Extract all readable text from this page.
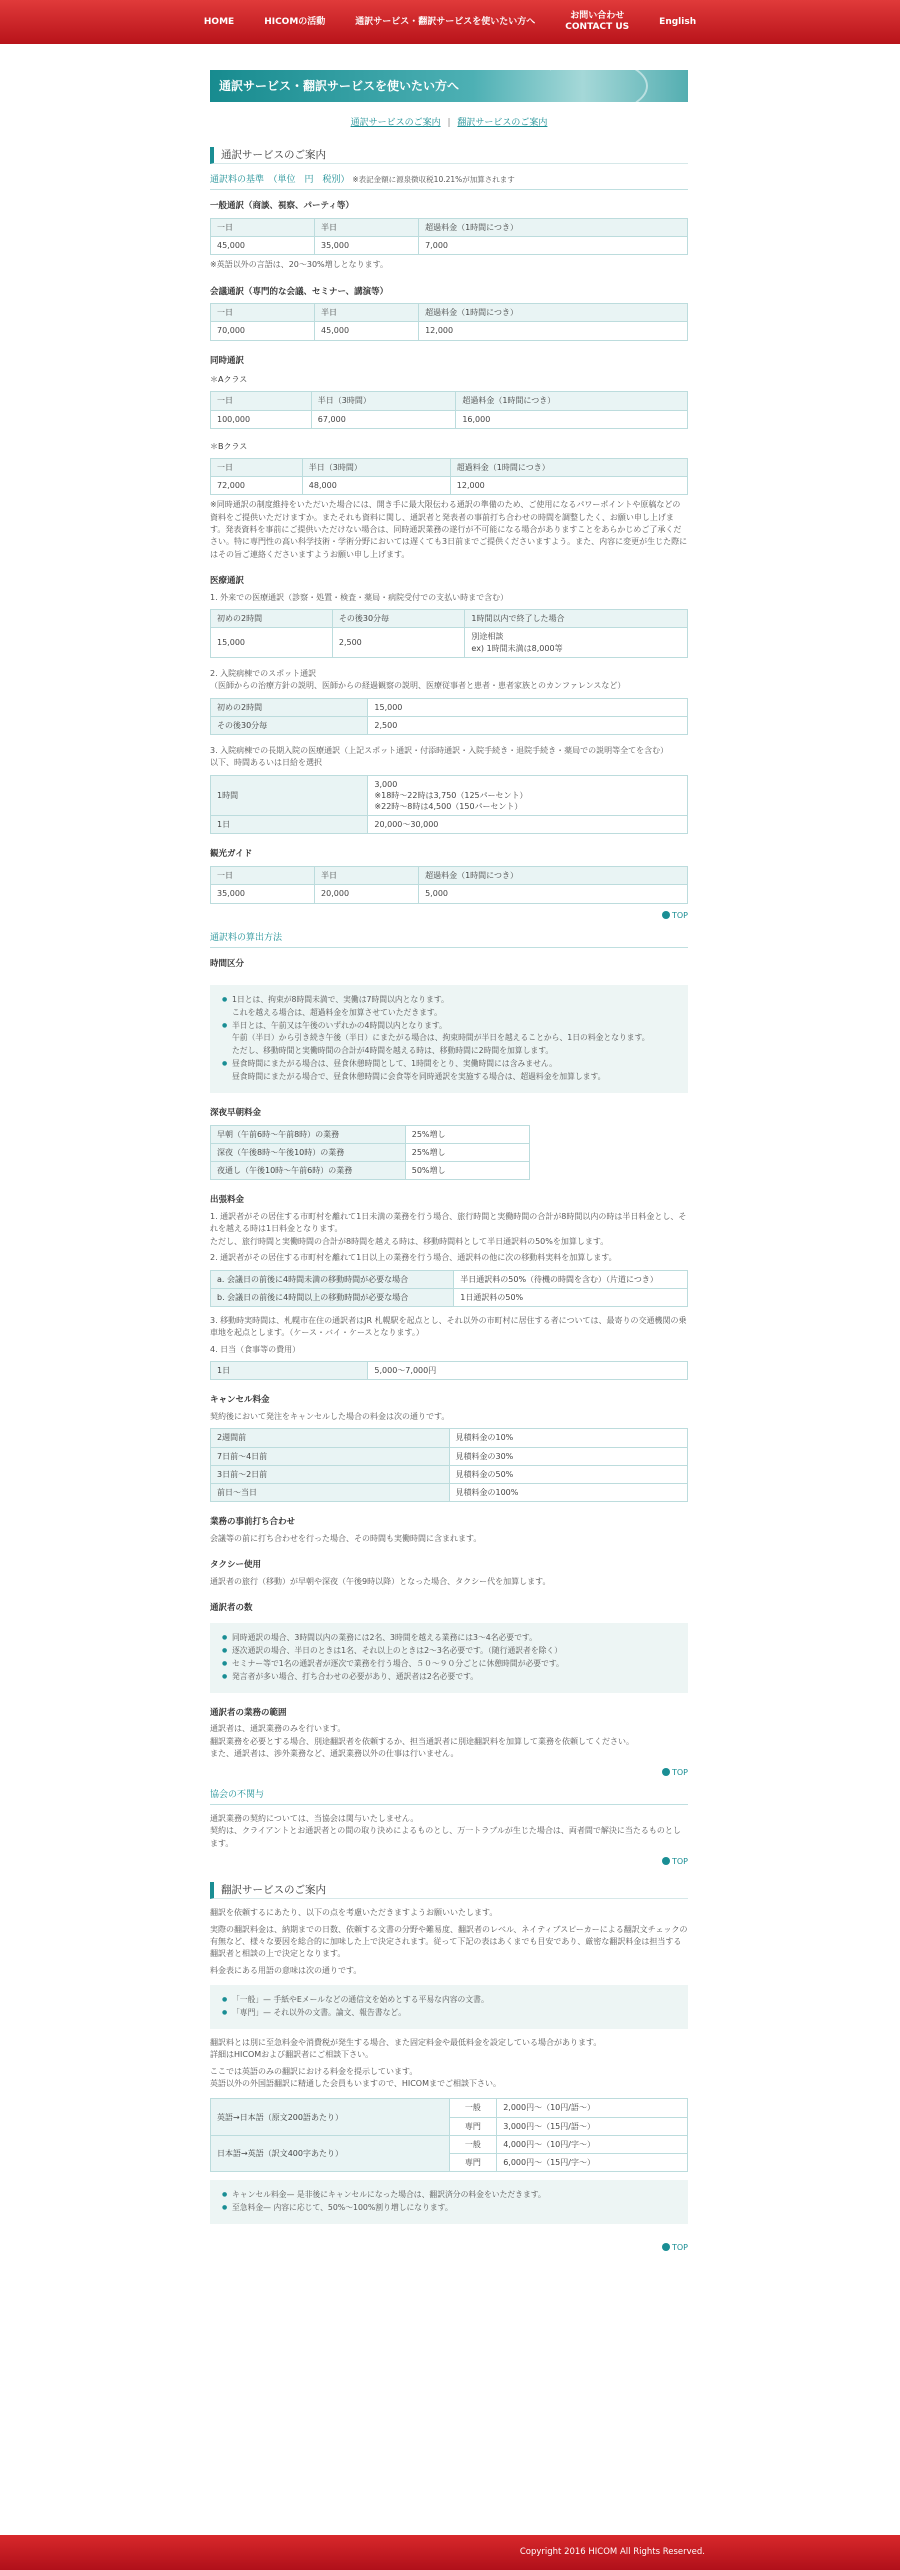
HOME	HICOMの活動	通訳サービス・翻訳サービスを使いたい方へ
お問い合わせ
CONTACT US
English
通訳サービス・翻訳サービスを使いたい方へ
通訳サービスのご案内 | 翻訳サービスのご案内
通訳サービスのご案内
通訳料の基準　（単位　円　税別） ※表記金額に源泉徴収税10.21%が加算されます
一般通訳（商談、視察、パーティ等）
一日	半日	超過料金（1時間につき）
45,000	35,000	7,000

※英語以外の言語は、20〜30%増しとなります。

会議通訳（専門的な会議、セミナー、講演等）
一日	半日	超過料金（1時間につき）
70,000	45,000	12,000
同時通訳
＊Aクラス
一日	半日（3時間）	超過料金（1時間につき）
100,000	67,000	16,000
＊Bクラス
一日	半日（3時間）	超過料金（1時間につき）
72,000	48,000	12,000

※同時通訳の制度維持をいただいた場合には、開き手に最大限伝わる通訳の準備のため、ご使用になるパワーポイントや原稿などの資料をご提供いただけますか。またそれも資料に関し、通訳者と発表者の事前打ち合わせの時間を調整したく、お願い申し上げます。発表資料を事前にご提供いただけない場合は、同時通訳業務の遂行が不可能になる場合がありますことをあらかじめご了承ください。特に専門性の高い科学技術・学術分野においては遅くても3日前までご提供くださいますよう。また、内容に変更が生じた際にはその旨ご連絡くださいますようお願い申し上げます。

医療通訳

1. 外来での医療通訳（診察・処置・検査・薬局・病院受付での支払い時まで含む）

初めの2時間	その後30分毎	1時間以内で終了した場合
15,000	2,500	別途相談
ex) 1時間未満は8,000等

2. 入院病棟でのスポット通訳
（医師からの治療方針の説明、医師からの経過観察の説明、医療従事者と患者・患者家族とのカンファレンスなど）

初めの2時間	15,000
その後30分毎	2,500

3. 入院病棟での長期入院の医療通訳（上記スポット通訳・付添時通訳・入院手続き・退院手続き・薬局での説明等全てを含む）
以下、時間あるいは日給を選択

1時間	3,000
※18時〜22時は3,750（125パーセント）
※22時〜8時は4,500（150パーセント）
1日	20,000〜30,000
観光ガイド
一日	半日	超過料金（1時間につき）
35,000	20,000	5,000
TOP
通訳料の算出方法
時間区分
● 1日とは、拘束が8時間未満で、実働は7時間以内となります。
これを越える場合は、超過料金を加算させていただきます。
● 半日とは、午前又は午後のいずれかの4時間以内となります。
午前（半日）から引き続き午後（半日）にまたがる場合は、拘束時間が半日を越えることから、1日の料金となります。
ただし、移動時間と実働時間の合計が4時間を越える時は、移動時間に2時間を加算します。
● 昼食時間にまたがる場合は、昼食休憩時間として、1時間をとり、実働時間には含みません。
昼食時間にまたがる場合で、昼食休憩時間に会食等を同時通訳を実施する場合は、超過料金を加算します。
深夜早朝料金
早朝（午前6時〜午前8時）の業務	25%増し
深夜（午後8時〜午後10時）の業務	25%増し
夜通し（午後10時〜午前6時）の業務	50%増し
出張料金

1. 通訳者がその居住する市町村を離れて1日未満の業務を行う場合、旅行時間と実働時間の合計が8時間以内の時は半日料金とし、それを越える時は1日料金となります。
ただし、旅行時間と実働時間の合計が8時間を越える時は、移動時間料として半日通訳料の50%を加算します。

2. 通訳者がその居住する市町村を離れて1日以上の業務を行う場合、通訳料の他に次の移動料実料を加算します。

a. 会議日の前後に4時間未満の移動時間が必要な場合	半日通訳料の50%（待機の時間を含む）（片道につき）
b. 会議日の前後に4時間以上の移動時間が必要な場合	1日通訳料の50%

3. 移動時実時間は、札幌市在住の通訳者はJR 札幌駅を起点とし、それ以外の市町村に居住する者については、最寄りの交通機関の乗車地を起点とします。（ケース・バイ・ケースとなります。）

4. 日当（食事等の費用）

1日	5,000〜7,000円
キャンセル料金

契約後において発注をキャンセルした場合の料金は次の通りです。

2週間前	見積料金の10%
7日前〜4日前	見積料金の30%
3日前〜2日前	見積料金の50%
前日〜当日	見積料金の100%
業務の事前打ち合わせ

会議等の前に打ち合わせを行った場合、その時間も実働時間に含まれます。

タクシー使用

通訳者の旅行（移動）が早朝や深夜（午後9時以降）となった場合、タクシー代を加算します。

通訳者の数
● 同時通訳の場合、3時間以内の業務には2名、3時間を越える業務には3〜4名必要です。
● 逐次通訳の場合、半日のときは1名、それ以上のときは2〜3名必要です。（随行通訳者を除く）
● セミナー等で1名の通訳者が逐次で業務を行う場合、５０〜９０分ごとに休憩時間が必要です。
● 発言者が多い場合、打ち合わせの必要があり、通訳者は2名必要です。
通訳者の業務の範囲

通訳者は、通訳業務のみを行います。
翻訳業務を必要とする場合、別途翻訳者を依頼するか、担当通訳者に別途翻訳料を加算して業務を依頼してください。
また、通訳者は、渉外業務など、通訳業務以外の仕事は行いません。

TOP
協会の不関与

通訳業務の契約については、当協会は関与いたしません。
契約は、クライアントとお通訳者との間の取り決めによるものとし、万一トラブルが生じた場合は、両者間で解決に当たるものとします。

TOP
翻訳サービスのご案内

翻訳を依頼するにあたり、以下の点を考慮いただきますようお願いいたします。

実際の翻訳料金は、納期までの日数、依頼する文書の分野や難易度、翻訳者のレベル、ネイティブスピーカーによる翻訳文チェックの有無など、様々な要因を総合的に加味した上で決定されます。従って下記の表はあくまでも目安であり、厳密な翻訳料金は担当する翻訳者と相談の上で決定となります。

料金表にある用語の意味は次の通りです。

● 「一般」— 手紙やEメールなどの通信文を始めとする平易な内容の文書。
● 「専門」— それ以外の文書。論文、報告書など。

翻訳料とは別に至急料金や消費税が発生する場合、また固定料金や最低料金を設定している場合があります。
詳細はHICOMおよび翻訳者にご相談下さい。

ここでは英語のみの翻訳における料金を提示しています。
英語以外の外国語翻訳に精通した会員もいますので、HICOMまでご相談下さい。

英語→日本語（原文200語あたり）	一般	2,000円〜（10円/語〜）
	専門	3,000円〜（15円/語〜）
日本語→英語（訳文400字あたり）	一般	4,000円〜（10円/字〜）
	専門	6,000円〜（15円/字〜）
● キャンセル料金— 是非後にキャンセルになった場合は、翻訳済分の料金をいただきます。
● 至急料金— 内容に応じて、50%〜100%割り増しになります。
TOP
Copyright 2016 HICOM All Rights Reserved.
